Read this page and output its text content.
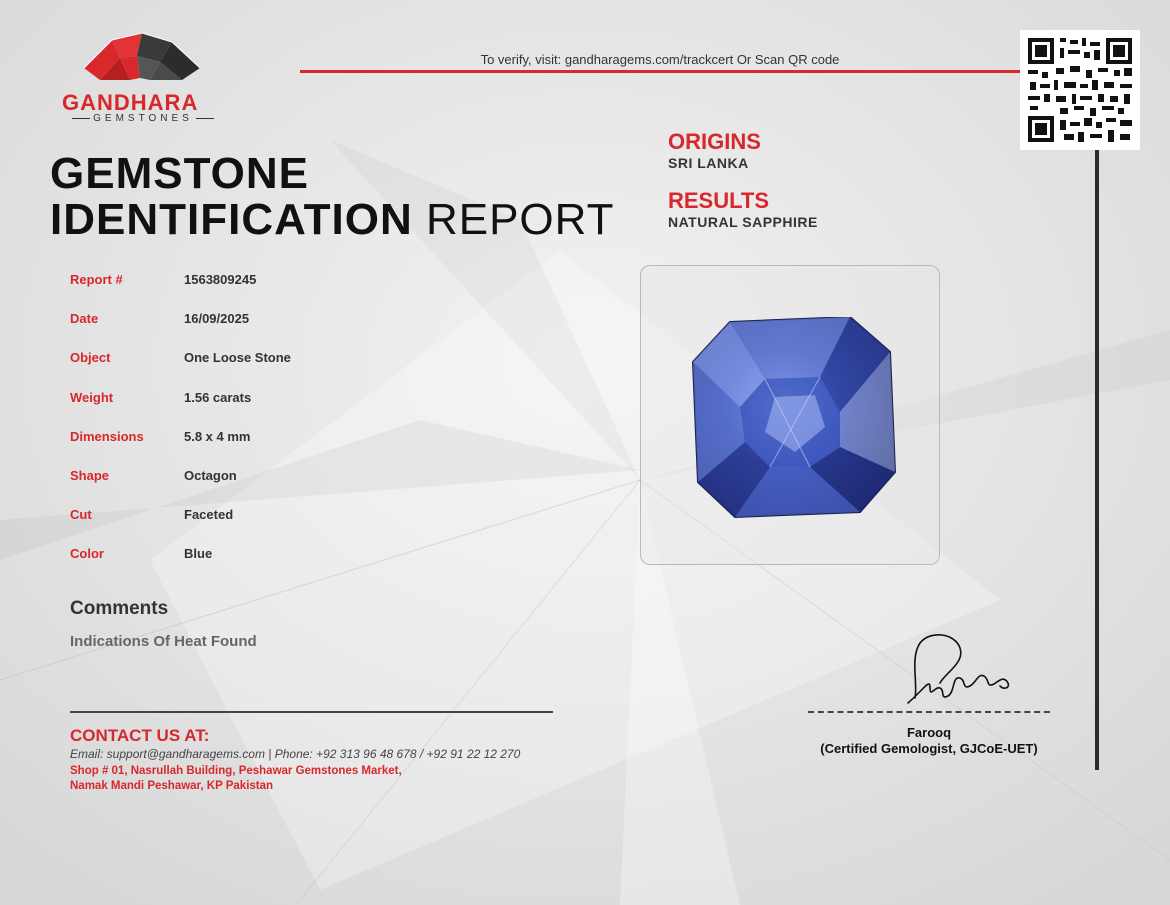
GANDHARA
GEMSTONES
To verify, visit: gandharagems.com/trackcert Or Scan QR code
GEMSTONE
IDENTIFICATION REPORT
ORIGINS
SRI LANKA
RESULTS
NATURAL SAPPHIRE
Report #	1563809245
Date	16/09/2025
Object	One Loose Stone
Weight	1.56 carats
Dimensions	5.8 x 4 mm
Shape	Octagon
Cut	Faceted
Color	Blue
Comments
Indications Of Heat Found
CONTACT US AT:
Email: support@gandharagems.com | Phone: +92 313 96 48 678 / +92 91 22 12 270
Shop # 01, Nasrullah Building, Peshawar Gemstones Market,
Namak Mandi Peshawar, KP Pakistan
Farooq
(Certified Gemologist, GJCoE-UET)
